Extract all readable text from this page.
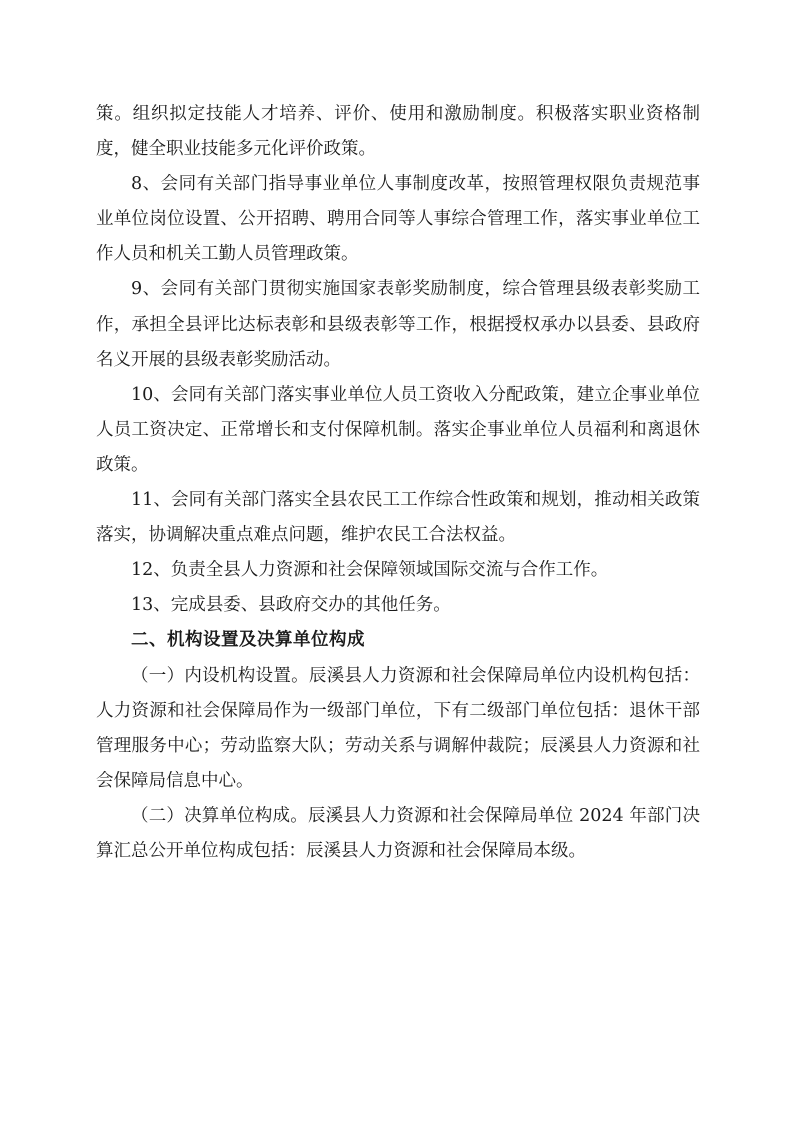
策。组织拟定技能人才培养、评价、使用和激励制度。积极落实职业资格制度，健全职业技能多元化评价政策。

8、会同有关部门指导事业单位人事制度改革，按照管理权限负责规范事业单位岗位设置、公开招聘、聘用合同等人事综合管理工作，落实事业单位工作人员和机关工勤人员管理政策。

9、会同有关部门贯彻实施国家表彰奖励制度，综合管理县级表彰奖励工作，承担全县评比达标表彰和县级表彰等工作，根据授权承办以县委、县政府名义开展的县级表彰奖励活动。

10、会同有关部门落实事业单位人员工资收入分配政策，建立企事业单位人员工资决定、正常增长和支付保障机制。落实企事业单位人员福利和离退休政策。

11、会同有关部门落实全县农民工工作综合性政策和规划，推动相关政策落实，协调解决重点难点问题，维护农民工合法权益。

12、负责全县人力资源和社会保障领域国际交流与合作工作。

13、完成县委、县政府交办的其他任务。

二、机构设置及决算单位构成

（一）内设机构设置。辰溪县人力资源和社会保障局单位内设机构包括：人力资源和社会保障局作为一级部门单位，下有二级部门单位包括：退休干部管理服务中心；劳动监察大队；劳动关系与调解仲裁院；辰溪县人力资源和社会保障局信息中心。

（二）决算单位构成。辰溪县人力资源和社会保障局单位 2024 年部门决算汇总公开单位构成包括：辰溪县人力资源和社会保障局本级。
